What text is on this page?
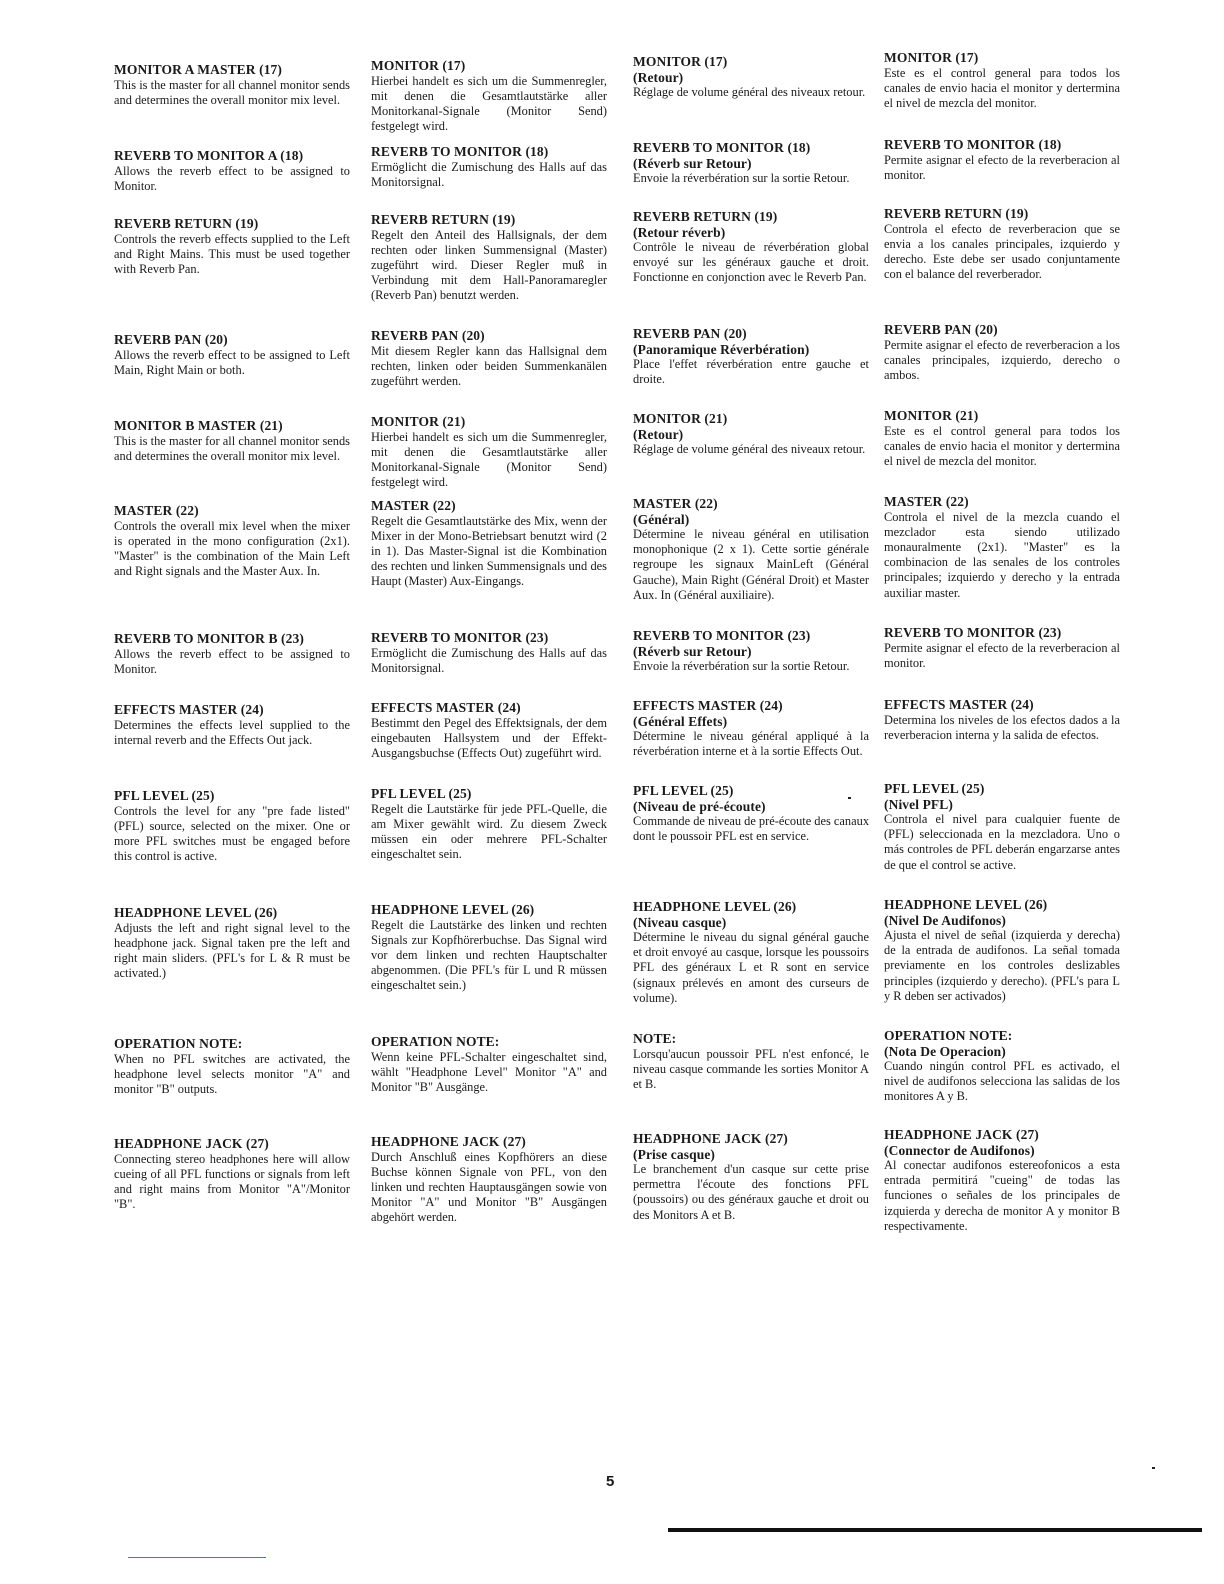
MONITOR A MASTER (17)
This is the master for all channel monitor sends and determines the overall monitor mix level.
REVERB TO MONITOR A (18)
Allows the reverb effect to be assigned to Monitor.
REVERB RETURN (19)
Controls the reverb effects supplied to the Left and Right Mains. This must be used together with Reverb Pan.
REVERB PAN (20)
Allows the reverb effect to be assigned to Left Main, Right Main or both.
MONITOR B MASTER (21)
This is the master for all channel monitor sends and determines the overall monitor mix level.
MASTER (22)
Controls the overall mix level when the mixer is operated in the mono configuration (2x1). "Master" is the combination of the Main Left and Right signals and the Master Aux. In.
REVERB TO MONITOR B (23)
Allows the reverb effect to be assigned to Monitor.
EFFECTS MASTER (24)
Determines the effects level supplied to the internal reverb and the Effects Out jack.
PFL LEVEL (25)
Controls the level for any "pre fade listed" (PFL) source, selected on the mixer. One or more PFL switches must be engaged before this control is active.
HEADPHONE LEVEL (26)
Adjusts the left and right signal level to the headphone jack. Signal taken pre the left and right main sliders. (PFL's for L & R must be activated.)
OPERATION NOTE:
When no PFL switches are activated, the headphone level selects monitor "A" and monitor "B" outputs.
HEADPHONE JACK (27)
Connecting stereo headphones here will allow cueing of all PFL functions or signals from left and right mains from Monitor "A"/Monitor "B".
MONITOR (17)
Hierbei handelt es sich um die Summenregler, mit denen die Gesamtlautstärke aller Monitorkanal-Signale (Monitor Send) festgelegt wird.
REVERB TO MONITOR (18)
Ermöglicht die Zumischung des Halls auf das Monitorsignal.
REVERB RETURN (19)
Regelt den Anteil des Hallsignals, der dem rechten oder linken Summensignal (Master) zugeführt wird. Dieser Regler muß in Verbindung mit dem Hall-Panoramaregler (Reverb Pan) benutzt werden.
REVERB PAN (20)
Mit diesem Regler kann das Hallsignal dem rechten, linken oder beiden Summenkanälen zugeführt werden.
MONITOR (21)
Hierbei handelt es sich um die Summenregler, mit denen die Gesamtlautstärke aller Monitorkanal-Signale (Monitor Send) festgelegt wird.
MASTER (22)
Regelt die Gesamtlautstärke des Mix, wenn der Mixer in der Mono-Betriebsart benutzt wird (2 in 1). Das Master-Signal ist die Kombination des rechten und linken Summensignals und des Haupt (Master) Aux-Eingangs.
REVERB TO MONITOR (23)
Ermöglicht die Zumischung des Halls auf das Monitorsignal.
EFFECTS MASTER (24)
Bestimmt den Pegel des Effektsignals, der dem eingebauten Hallsystem und der Effekt-Ausgangsbuchse (Effects Out) zugeführt wird.
PFL LEVEL (25)
Regelt die Lautstärke für jede PFL-Quelle, die am Mixer gewählt wird. Zu diesem Zweck müssen ein oder mehrere PFL-Schalter eingeschaltet sein.
HEADPHONE LEVEL (26)
Regelt die Lautstärke des linken und rechten Signals zur Kopfhörerbuchse. Das Signal wird vor dem linken und rechten Hauptschalter abgenommen. (Die PFL's für L und R müssen eingeschaltet sein.)
OPERATION NOTE:
Wenn keine PFL-Schalter eingeschaltet sind, wählt "Headphone Level" Monitor "A" and Monitor "B" Ausgänge.
HEADPHONE JACK (27)
Durch Anschluß eines Kopfhörers an diese Buchse können Signale von PFL, von den linken und rechten Hauptausgängen sowie von Monitor "A" und Monitor "B" Ausgängen abgehört werden.
MONITOR (17)
(Retour)
Réglage de volume général des niveaux retour.
REVERB TO MONITOR (18)
(Réverb sur Retour)
Envoie la réverbération sur la sortie Retour.
REVERB RETURN (19)
(Retour réverb)
Contrôle le niveau de réverbération global envoyé sur les généraux gauche et droit. Fonctionne en conjonction avec le Reverb Pan.
REVERB PAN (20)
(Panoramique Réverbération)
Place l'effet réverbération entre gauche et droite.
MONITOR (21)
(Retour)
Réglage de volume général des niveaux retour.
MASTER (22)
(Général)
Détermine le niveau général en utilisation monophonique (2 x 1). Cette sortie générale regroupe les signaux MainLeft (Général Gauche), Main Right (Général Droit) et Master Aux. In (Général auxiliaire).
REVERB TO MONITOR (23)
(Réverb sur Retour)
Envoie la réverbération sur la sortie Retour.
EFFECTS MASTER (24)
(Général Effets)
Détermine le niveau général appliqué à la réverbération interne et à la sortie Effects Out.
PFL LEVEL (25)
(Niveau de pré-écoute)
Commande de niveau de pré-écoute des canaux dont le poussoir PFL est en service.
HEADPHONE LEVEL (26)
(Niveau casque)
Détermine le niveau du signal général gauche et droit envoyé au casque, lorsque les poussoirs PFL des généraux L et R sont en service (signaux prélevés en amont des curseurs de volume).
NOTE:
Lorsqu'aucun poussoir PFL n'est enfoncé, le niveau casque commande les sorties Monitor A et B.
HEADPHONE JACK (27)
(Prise casque)
Le branchement d'un casque sur cette prise permettra l'écoute des fonctions PFL (poussoirs) ou des généraux gauche et droit ou des Monitors A et B.
MONITOR (17)
Este es el control general para todos los canales de envio hacia el monitor y dertermina el nivel de mezcla del monitor.
REVERB TO MONITOR (18)
Permite asignar el efecto de la reverberacion al monitor.
REVERB RETURN (19)
Controla el efecto de reverberacion que se envia a los canales principales, izquierdo y derecho. Este debe ser usado conjuntamente con el balance del reverberador.
REVERB PAN (20)
Permite asignar el efecto de reverberacion a los canales principales, izquierdo, derecho o ambos.
MONITOR (21)
Este es el control general para todos los canales de envio hacia el monitor y dertermina el nivel de mezcla del monitor.
MASTER (22)
Controla el nivel de la mezcla cuando el mezclador esta siendo utilizado monauralmente (2x1). "Master" es la combinacion de las senales de los controles principales; izquierdo y derecho y la entrada auxiliar master.
REVERB TO MONITOR (23)
Permite asignar el efecto de la reverberacion al monitor.
EFFECTS MASTER (24)
Determina los niveles de los efectos dados a la reverberacion interna y la salida de efectos.
PFL LEVEL (25)
(Nivel PFL)
Controla el nivel para cualquier fuente de (PFL) seleccionada en la mezcladora. Uno o más controles de PFL deberán engarzarse antes de que el control se active.
HEADPHONE LEVEL (26)
(Nivel De Audifonos)
Ajusta el nivel de señal (izquierda y derecha) de la entrada de audifonos. La señal tomada previamente en los controles deslizables principles (izquierdo y derecho). (PFL's para L y R deben ser activados)
OPERATION NOTE:
(Nota De Operacion)
Cuando ningún control PFL es activado, el nivel de audifonos selecciona las salidas de los monitores A y B.
HEADPHONE JACK (27)
(Connector de Audifonos)
Al conectar audifonos estereofonicos a esta entrada permitirá "cueing" de todas las funciones o señales de los principales de izquierda y derecha de monitor A y monitor B respectivamente.
5
